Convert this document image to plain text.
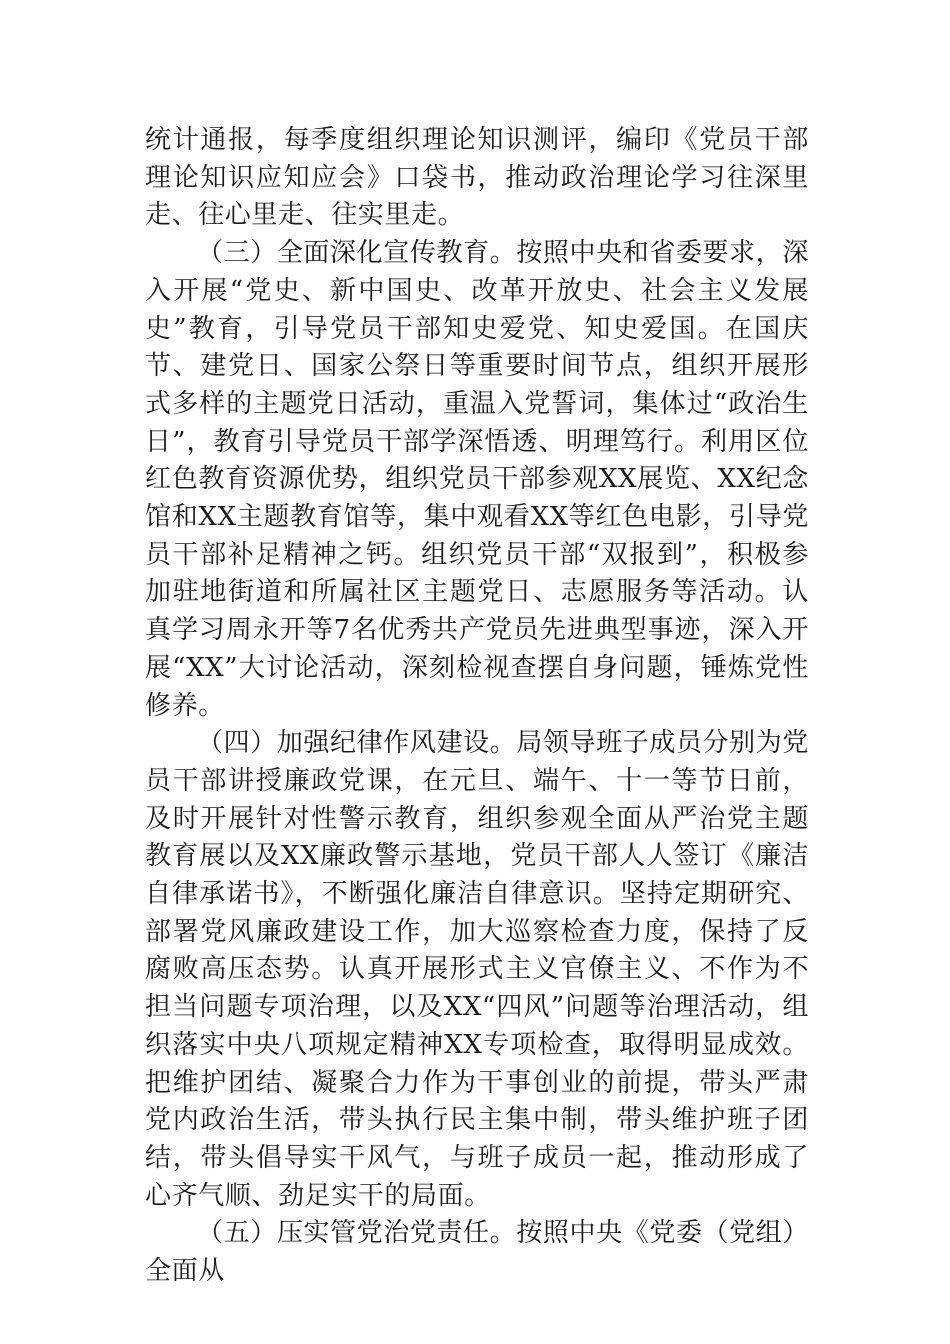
统计通报，每季度组织理论知识测评，编印《党员干部理论知识应知应会》口袋书，推动政治理论学习往深里走、往心里走、往实里走。

（三）全面深化宣传教育。按照中央和省委要求，深入开展“党史、新中国史、改革开放史、社会主义发展史”教育，引导党员干部知史爱党、知史爱国。在国庆节、建党日、国家公祭日等重要时间节点，组织开展形式多样的主题党日活动，重温入党誓词，集体过“政治生日”，教育引导党员干部学深悟透、明理笃行。利用区位红色教育资源优势，组织党员干部参观XX展览、XX纪念馆和XX主题教育馆等，集中观看XX等红色电影，引导党员干部补足精神之钙。组织党员干部“双报到”，积极参加驻地街道和所属社区主题党日、志愿服务等活动。认真学习周永开等7名优秀共产党员先进典型事迹，深入开展“XX”大讨论活动，深刻检视查摆自身问题，锤炼党性修养。

（四）加强纪律作风建设。局领导班子成员分别为党员干部讲授廉政党课，在元旦、端午、十一等节日前，及时开展针对性警示教育，组织参观全面从严治党主题教育展以及XX廉政警示基地，党员干部人人签订《廉洁自律承诺书》，不断强化廉洁自律意识。坚持定期研究、部署党风廉政建设工作，加大巡察检查力度，保持了反腐败高压态势。认真开展形式主义官僚主义、不作为不担当问题专项治理，以及XX“四风”问题等治理活动，组织落实中央八项规定精神XX专项检查，取得明显成效。把维护团结、凝聚合力作为干事创业的前提，带头严肃党内政治生活，带头执行民主集中制，带头维护班子团结，带头倡导实干风气，与班子成员一起，推动形成了心齐气顺、劲足实干的局面。

（五）压实管党治党责任。按照中央《党委（党组）全面从
